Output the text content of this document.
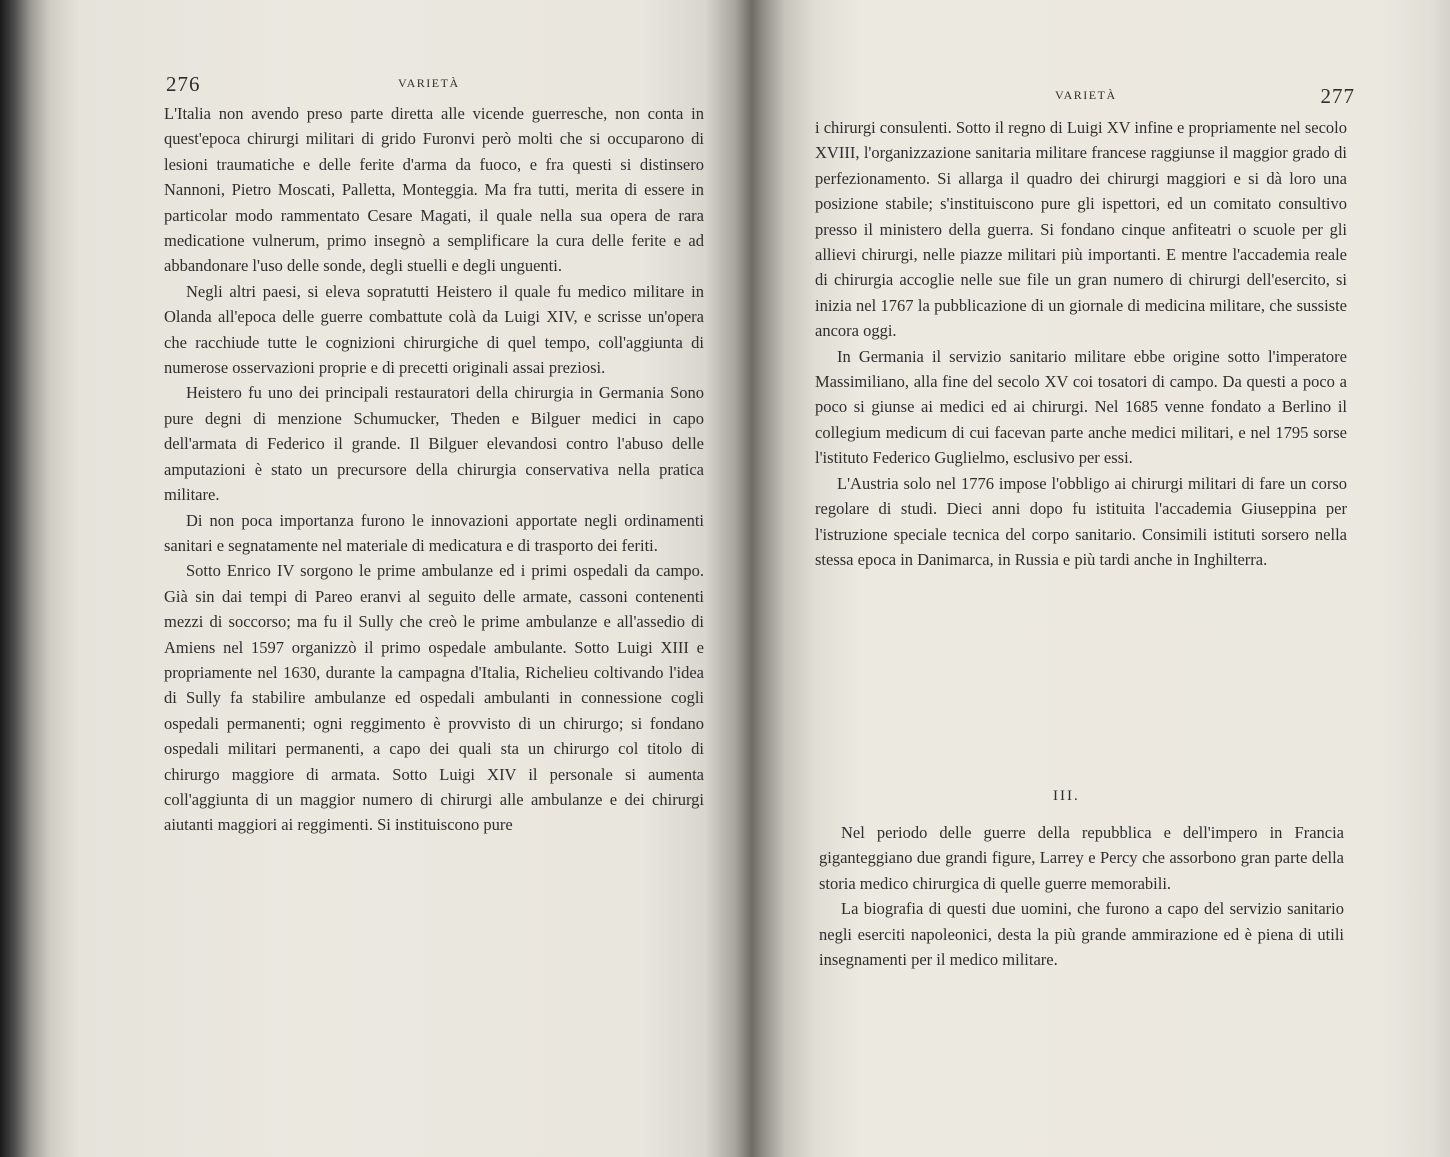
276	VARIETÀ

L'Italia non avendo preso parte diretta alle vicende guerresche, non conta in quest'epoca chirurgi militari di grido Furonvi però molti che si occuparono di lesioni traumatiche e delle ferite d'arma da fuoco, e fra questi si distinsero Nannoni, Pietro Moscati, Palletta, Monteggia. Ma fra tutti, merita di essere in particolar modo rammentato Cesare Magati, il quale nella sua opera de rara medicatione vulnerum, primo insegnò a semplificare la cura delle ferite e ad abbandonare l'uso delle sonde, degli stuelli e degli unguenti.

Negli altri paesi, si eleva sopratutti Heistero il quale fu medico militare in Olanda all'epoca delle guerre combattute colà da Luigi XIV, e scrisse un'opera che racchiude tutte le cognizioni chirurgiche di quel tempo, coll'aggiunta di numerose osservazioni proprie e di precetti originali assai preziosi.

Heistero fu uno dei principali restauratori della chirurgia in Germania Sono pure degni di menzione Schumucker, Theden e Bilguer medici in capo dell'armata di Federico il grande. Il Bilguer elevandosi contro l'abuso delle amputazioni è stato un precursore della chirurgia conservativa nella pratica militare.

Di non poca importanza furono le innovazioni apportate negli ordinamenti sanitari e segnatamente nel materiale di medicatura e di trasporto dei feriti.

Sotto Enrico IV sorgono le prime ambulanze ed i primi ospedali da campo. Già sin dai tempi di Pareo eranvi al seguito delle armate, cassoni contenenti mezzi di soccorso; ma fu il Sully che creò le prime ambulanze e all'assedio di Amiens nel 1597 organizzò il primo ospedale ambulante. Sotto Luigi XIII e propriamente nel 1630, durante la campagna d'Italia, Richelieu coltivando l'idea di Sully fa stabilire ambulanze ed ospedali ambulanti in connessione cogli ospedali permanenti; ogni reggimento è provvisto di un chirurgo; si fondano ospedali militari permanenti, a capo dei quali sta un chirurgo col titolo di chirurgo maggiore di armata. Sotto Luigi XIV il personale si aumenta coll'aggiunta di un maggior numero di chirurgi alle ambulanze e dei chirurgi aiutanti maggiori ai reggimenti. Si instituiscono pure

VARIETÀ	277

i chirurgi consulenti. Sotto il regno di Luigi XV infine e propriamente nel secolo XVIII, l'organizzazione sanitaria militare francese raggiunse il maggior grado di perfezionamento. Si allarga il quadro dei chirurgi maggiori e si dà loro una posizione stabile; s'instituiscono pure gli ispettori, ed un comitato consultivo presso il ministero della guerra. Si fondano cinque anfiteatri o scuole per gli allievi chirurgi, nelle piazze militari più importanti. E mentre l'accademia reale di chirurgia accoglie nelle sue file un gran numero di chirurgi dell'esercito, si inizia nel 1767 la pubblicazione di un giornale di medicina militare, che sussiste ancora oggi.

In Germania il servizio sanitario militare ebbe origine sotto l'imperatore Massimiliano, alla fine del secolo XV coi tosatori di campo. Da questi a poco a poco si giunse ai medici ed ai chirurgi. Nel 1685 venne fondato a Berlino il collegium medicum di cui facevan parte anche medici militari, e nel 1795 sorse l'istituto Federico Guglielmo, esclusivo per essi.

L'Austria solo nel 1776 impose l'obbligo ai chirurgi militari di fare un corso regolare di studi. Dieci anni dopo fu istituita l'accademia Giuseppina per l'istruzione speciale tecnica del corpo sanitario. Consimili istituti sorsero nella stessa epoca in Danimarca, in Russia e più tardi anche in Inghilterra.

III.

Nel periodo delle guerre della repubblica e dell'impero in Francia giganteggiano due grandi figure, Larrey e Percy che assorbono gran parte della storia medico chirurgica di quelle guerre memorabili.

La biografia di questi due uomini, che furono a capo del servizio sanitario negli eserciti napoleonici, desta la più grande ammirazione ed è piena di utili insegnamenti per il medico militare.
